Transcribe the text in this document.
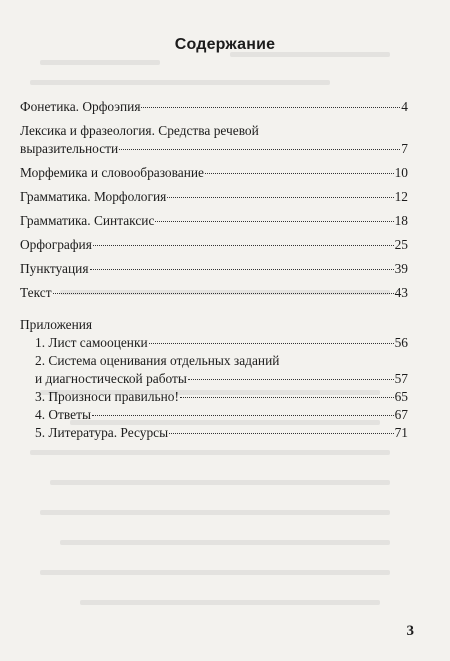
Содержание
Фонетика. Орфоэпия	4
Лексика и фразеология. Средства речевой
выразительности	7
Морфемика и словообразование	10
Грамматика. Морфология	12
Грамматика. Синтаксис	18
Орфография	25
Пунктуация	39
Текст	43
Приложения
1. Лист самооценки	56
2. Система оценивания отдельных заданий
и диагностической работы	57
3. Произноси правильно!	65
4. Ответы	67
5. Литература. Ресурсы	71
3
